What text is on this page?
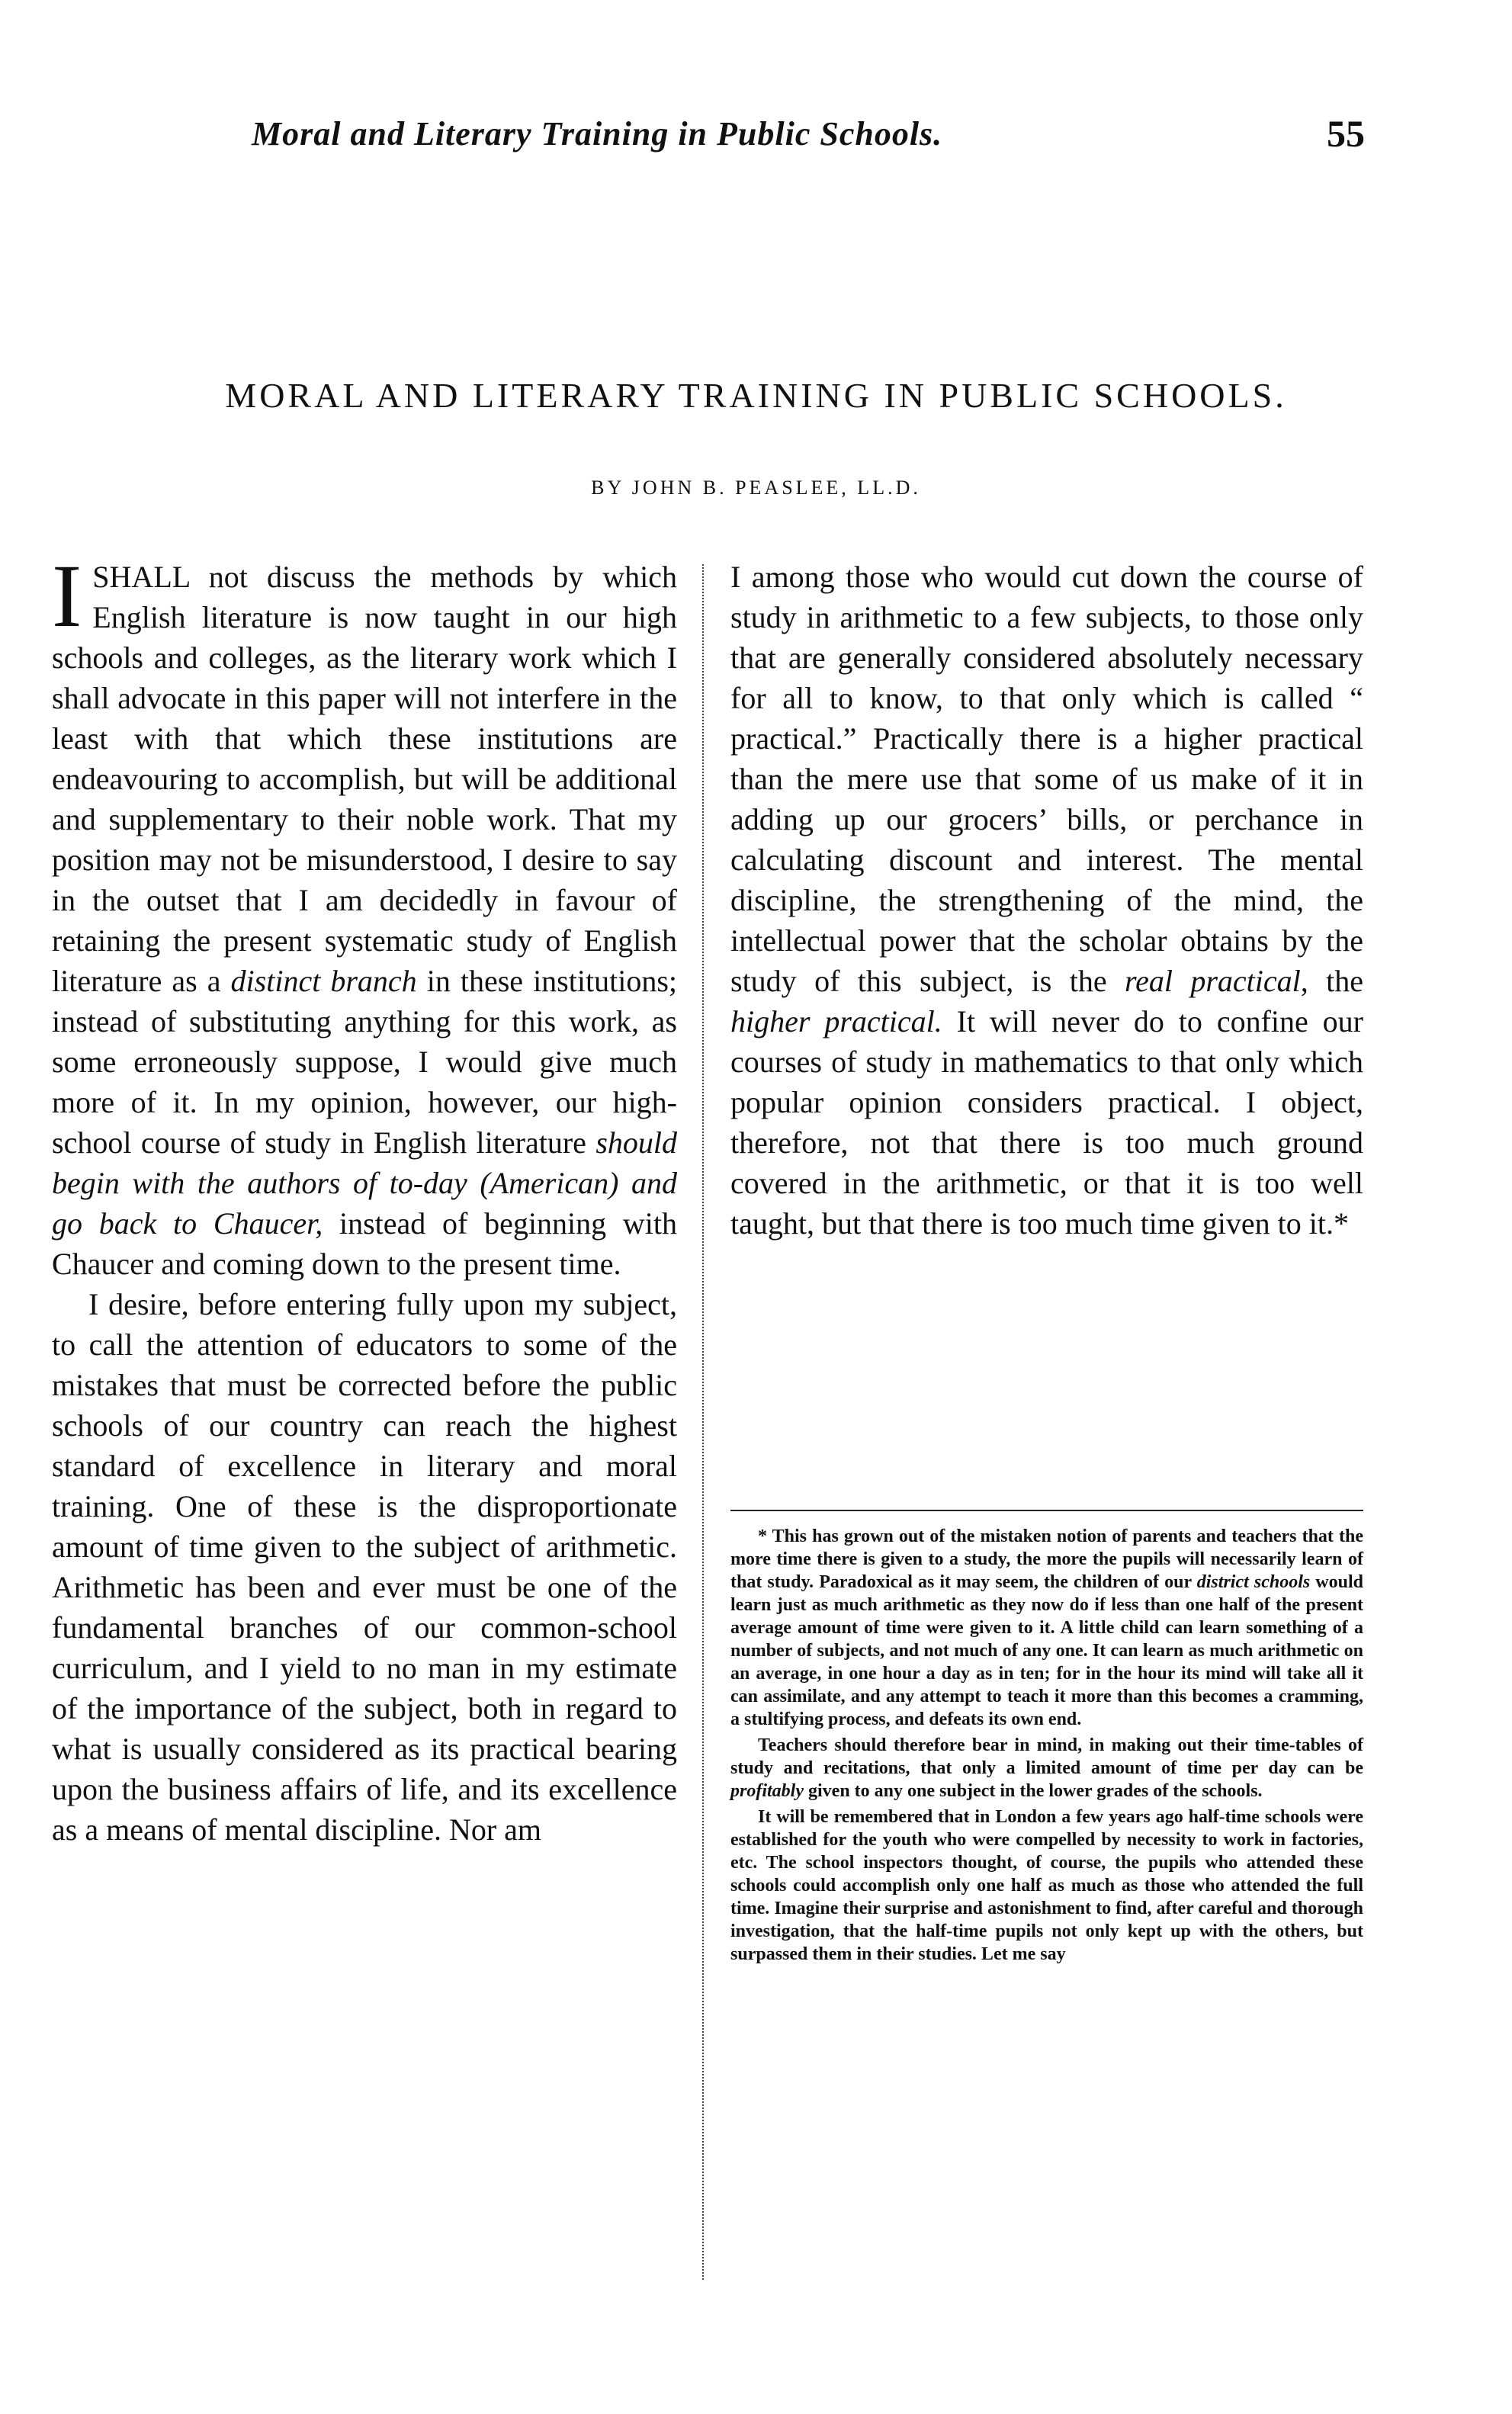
Moral and Literary Training in Public Schools.	55
MORAL AND LITERARY TRAINING IN PUBLIC SCHOOLS.
BY JOHN B. PEASLEE, LL.D.

I SHALL not discuss the methods by which English literature is now taught in our high schools and colleges, as the literary work which I shall advocate in this paper will not interfere in the least with that which these institutions are endeavouring to accomplish, but will be additional and supplementary to their noble work. That my position may not be misunderstood, I desire to say in the outset that I am decidedly in favour of retaining the present systematic study of English literature as a distinct branch in these institutions; instead of substituting anything for this work, as some erroneously suppose, I would give much more of it. In my opinion, however, our high-school course of study in English literature should begin with the authors of to-day (American) and go back to Chaucer, instead of beginning with Chaucer and coming down to the present time.

I desire, before entering fully upon my subject, to call the attention of educators to some of the mistakes that must be corrected before the public schools of our country can reach the highest standard of excellence in literary and moral training. One of these is the disproportionate amount of time given to the subject of arithmetic. Arithmetic has been and ever must be one of the fundamental branches of our common-school curriculum, and I yield to no man in my estimate of the importance of the subject, both in regard to what is usually considered as its practical bearing upon the business affairs of life, and its excellence as a means of mental discipline. Nor am

I among those who would cut down the course of study in arithmetic to a few subjects, to those only that are generally considered absolutely necessary for all to know, to that only which is called “ practical.” Practically there is a higher practical than the mere use that some of us make of it in adding up our grocers’ bills, or perchance in calculating discount and interest. The mental discipline, the strengthening of the mind, the intellectual power that the scholar obtains by the study of this subject, is the real practical, the higher practical. It will never do to confine our courses of study in mathematics to that only which popular opinion considers practical. I object, therefore, not that there is too much ground covered in the arithmetic, or that it is too well taught, but that there is too much time given to it.*

* This has grown out of the mistaken notion of parents and teachers that the more time there is given to a study, the more the pupils will necessarily learn of that study. Paradoxical as it may seem, the children of our district schools would learn just as much arithmetic as they now do if less than one half of the present average amount of time were given to it. A little child can learn something of a number of subjects, and not much of any one. It can learn as much arithmetic on an average, in one hour a day as in ten; for in the hour its mind will take all it can assimilate, and any attempt to teach it more than this becomes a cramming, a stultifying process, and defeats its own end.

Teachers should therefore bear in mind, in making out their time-tables of study and recitations, that only a limited amount of time per day can be profitably given to any one subject in the lower grades of the schools.

It will be remembered that in London a few years ago half-time schools were established for the youth who were compelled by necessity to work in factories, etc. The school inspectors thought, of course, the pupils who attended these schools could accomplish only one half as much as those who attended the full time. Imagine their surprise and astonishment to find, after careful and thorough investigation, that the half-time pupils not only kept up with the others, but surpassed them in their studies. Let me say
